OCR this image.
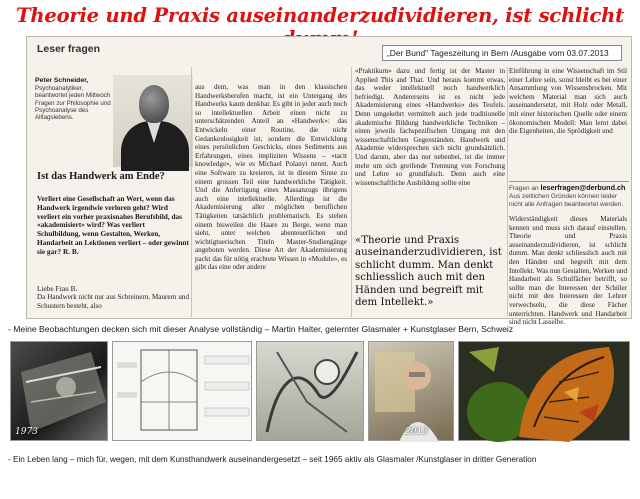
Theorie und Praxis auseinanderzudividieren, ist schlicht
Leser fragen	„Der Bund" Tageszeitung in Bern /Ausgabe vom 03.07.2013
Peter Schneider,
Psychoanalytiker, beantwortet jeden Mittwoch Fragen zur Philosophie und Psychoanalyse des Alltagslebens.
Ist das Handwerk am Ende?
Verliert eine Gesellschaft an Wert, wenn das Handwerk irgendwie verloren geht? Wird verliert ein vorher praxisnahes Berufsbild, das «akademisiert» wird? Was verliert Schulbildung, wenn Gestalten, Werken, Handarbeit an Lektionen verliert – oder gewinnt sie gar? R. B.
Liebe Frau B.
Da Handwerk nicht nur aus Schreinern, Maurern und Schustern besteht, also
aus dem, was man in den klassischen Handwerksberufen macht, ist ein Untergang des Handwerks kaum denkbar. Es gibt in jeder auch noch so intellektuellen Arbeit einen nicht zu unterschätzenden Anteil an «Handwerk»: das Entwickeln einer Routine, die nicht Gedankenlosigkeit ist, sondern die Entwicklung eines persönlichen Geschicks, eines Sediments aus Erfahrungen, eines impliziten Wissens – «tacit knowledge», wie es Michael Polanyi nennt. Auch eine Software zu kreieren, ist in diesem Sinne zu einem grossen Teil eine handwerkliche Tätigkeit. Und die Anfertigung eines Massanzugs übrigens auch eine intellektuelle. Allerdings ist die Akademisierung aller möglichen beruflichen Tätigkeiten tatsächlich problematisch. Es stehen einem bisweilen die Haare zu Berge, wenn man sieht, unter welchen abenteuerlichen und wichtigtuerischen Titeln Master-Studiengänge angeboten werden. Diese Art der Akademisierung packt das für nötig erachtete Wissen in «Module», es gibt das eine oder andere
«Praktikum» dazu und fertig ist der Master in Applied This and That. Und heraus kommt etwas, das weder intellektuell noch handwerklich befriedigt. Andererseits ist es nicht jede Akademisierung eines «Handwerks» des Teufels. Denn umgekehrt vermittelt auch jede traditionelle akademische Bildung handwerkliche Techniken – einen jeweils fachspezifischen Umgang mit den wissenschaftlichen Gegenständen. Handwerk und Akademie widersprechen sich nicht grundsätzlich. Und darum, aber das nur nebenbei, ist die immer mehr um sich greifende Trennung von Forschung und Lehre so grundfalsch. Denn auch eine wissenschaftliche Ausbildung sollte eine
«Theorie und Praxis auseinanderzudividieren, ist schlicht dumm. Man denkt schliesslich auch mit den Händen und begreift mit dem Intellekt.»
Einführung in eine Wissenschaft im Stil einer Lehre sein, sonst bleibt es bei einer Ansammlung von Wissensbrocken. Mit welchem Material man sich auch auseinandersetzt, mit Holz oder Metall, mit einer historischen Quelle oder einem ökonomischen Modell: Man lernt dabei die Eigenheiten, die Sprödigkeit und
Fragen an leserfragen@derbund.ch
Aus zeitlichen Gründen können leider nicht alle Anfragen beantwortet werden.
Widerständigkeit dieses Materials kennen und muss sich darauf einstellen. Theorie und Praxis auseinanderzudividieren, ist schlicht dumm. Man denkt schliesslich auch mit den Händen und begreift mit dem Intellekt. Was nun Gestalten, Werken und Handarbeit als Schulfächer betrifft, so sollte man die Interessen der Schüler nicht mit den Interessen der Lehrer verwechseln, die diese Fächer unterrichten. Handwerk und Handarbeit sind nicht Lasselbe.
- Meine Beobachtungen decken sich mit dieser Analyse vollständig – Martin Halter, gelernter Glasmaler + Kunstglaser Bern, Schweiz
1973	2013
- Ein Leben lang – mich für, wegen, mit dem Kunsthandwerk auseinandergesetzt – seit 1965 aktiv als Glasmaler /Kunstglaser in dritter Generation
